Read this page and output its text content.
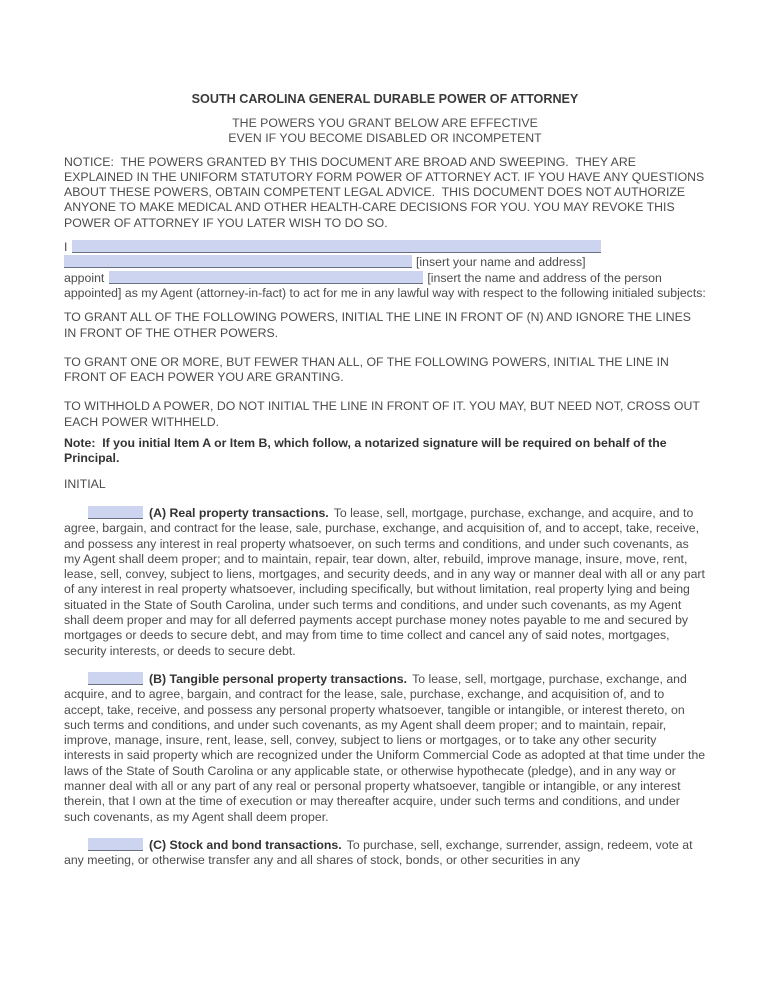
SOUTH CAROLINA GENERAL DURABLE POWER OF ATTORNEY
THE POWERS YOU GRANT BELOW ARE EFFECTIVE
EVEN IF YOU BECOME DISABLED OR INCOMPETENT

NOTICE:  THE POWERS GRANTED BY THIS DOCUMENT ARE BROAD AND SWEEPING.  THEY ARE EXPLAINED IN THE UNIFORM STATUTORY FORM POWER OF ATTORNEY ACT. IF YOU HAVE ANY QUESTIONS ABOUT THESE POWERS, OBTAIN COMPETENT LEGAL ADVICE.  THIS DOCUMENT DOES NOT AUTHORIZE ANYONE TO MAKE MEDICAL AND OTHER HEALTH-CARE DECISIONS FOR YOU. YOU MAY REVOKE THIS POWER OF ATTORNEY IF YOU LATER WISH TO DO SO.

I
[insert your name and address]

appoint	[insert the name and address of the person appointed] as my Agent (attorney-in-fact) to act for me in any lawful way with respect to the following initialed subjects:

TO GRANT ALL OF THE FOLLOWING POWERS, INITIAL THE LINE IN FRONT OF (N) AND IGNORE THE LINES IN FRONT OF THE OTHER POWERS.

TO GRANT ONE OR MORE, BUT FEWER THAN ALL, OF THE FOLLOWING POWERS, INITIAL THE LINE IN FRONT OF EACH POWER YOU ARE GRANTING.

TO WITHHOLD A POWER, DO NOT INITIAL THE LINE IN FRONT OF IT. YOU MAY, BUT NEED NOT, CROSS OUT EACH POWER WITHHELD.

Note:  If you initial Item A or Item B, which follow, a notarized signature will be required on behalf of the Principal.

INITIAL

(A) Real property transactions. To lease, sell, mortgage, purchase, exchange, and acquire, and to agree, bargain, and contract for the lease, sale, purchase, exchange, and acquisition of, and to accept, take, receive, and possess any interest in real property whatsoever, on such terms and conditions, and under such covenants, as my Agent shall deem proper; and to maintain, repair, tear down, alter, rebuild, improve manage, insure, move, rent, lease, sell, convey, subject to liens, mortgages, and security deeds, and in any way or manner deal with all or any part of any interest in real property whatsoever, including specifically, but without limitation, real property lying and being situated in the State of South Carolina, under such terms and conditions, and under such covenants, as my Agent shall deem proper and may for all deferred payments accept purchase money notes payable to me and secured by mortgages or deeds to secure debt, and may from time to time collect and cancel any of said notes, mortgages, security interests, or deeds to secure debt.

(B) Tangible personal property transactions. To lease, sell, mortgage, purchase, exchange, and acquire, and to agree, bargain, and contract for the lease, sale, purchase, exchange, and acquisition of, and to accept, take, receive, and possess any personal property whatsoever, tangible or intangible, or interest thereto, on such terms and conditions, and under such covenants, as my Agent shall deem proper; and to maintain, repair, improve, manage, insure, rent, lease, sell, convey, subject to liens or mortgages, or to take any other security interests in said property which are recognized under the Uniform Commercial Code as adopted at that time under the laws of the State of South Carolina or any applicable state, or otherwise hypothecate (pledge), and in any way or manner deal with all or any part of any real or personal property whatsoever, tangible or intangible, or any interest therein, that I own at the time of execution or may thereafter acquire, under such terms and conditions, and under such covenants, as my Agent shall deem proper.

(C) Stock and bond transactions. To purchase, sell, exchange, surrender, assign, redeem, vote at any meeting, or otherwise transfer any and all shares of stock, bonds, or other securities in any
